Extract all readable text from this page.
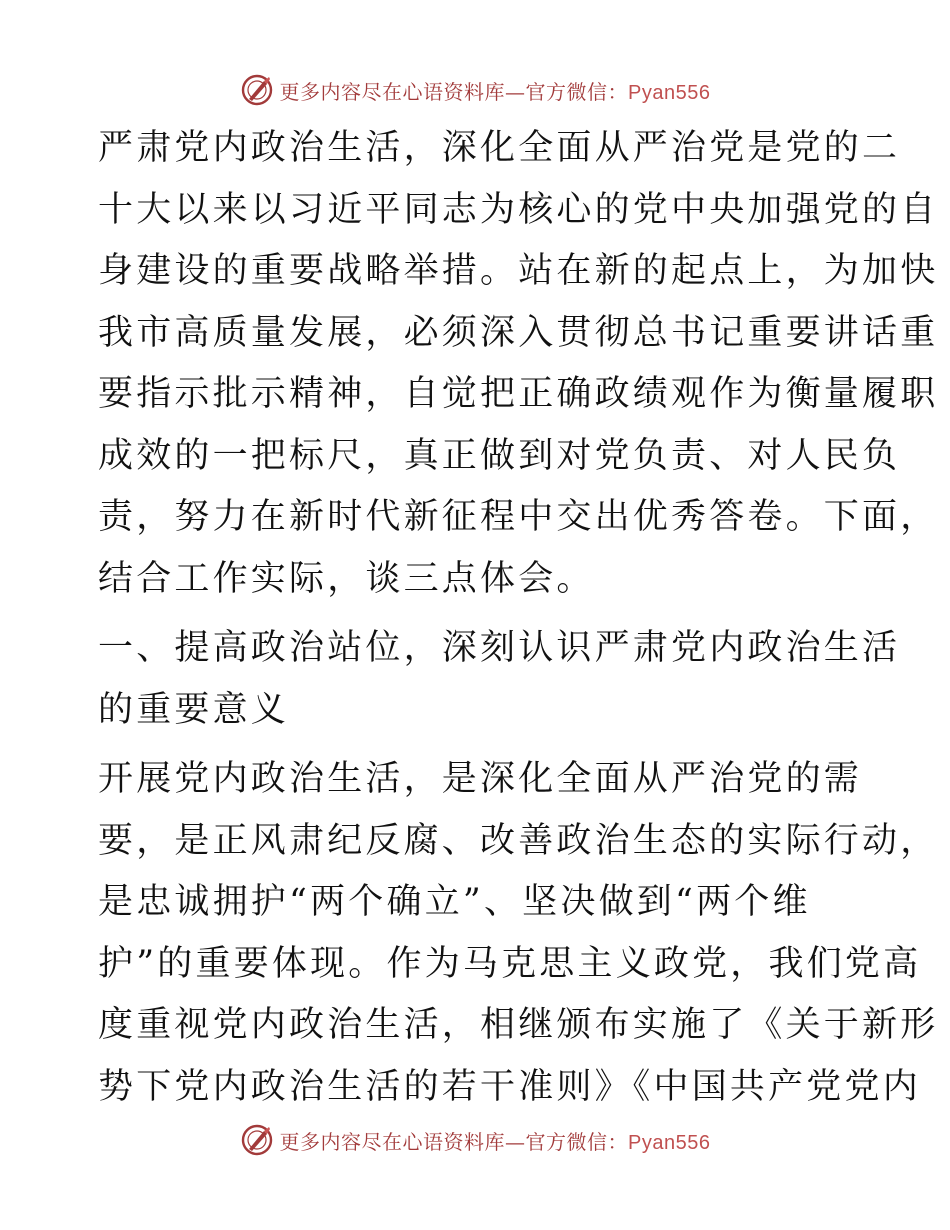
更多内容尽在心语资料库—官方微信：Pyan556
严肃党内政治生活，深化全面从严治党是党的二
十大以来以习近平同志为核心的党中央加强党的自
身建设的重要战略举措。站在新的起点上，为加快
我市高质量发展，必须深入贯彻总书记重要讲话重
要指示批示精神，自觉把正确政绩观作为衡量履职
成效的一把标尺，真正做到对党负责、对人民负
责，努力在新时代新征程中交出优秀答卷。下面，
结合工作实际，谈三点体会。
一、提高政治站位，深刻认识严肃党内政治生活
的重要意义
开展党内政治生活，是深化全面从严治党的需
要，是正风肃纪反腐、改善政治生态的实际行动，
是忠诚拥护“两个确立”、坚决做到“两个维
护”的重要体现。作为马克思主义政党，我们党高
度重视党内政治生活，相继颁布实施了《关于新形
势下党内政治生活的若干准则》《中国共产党党内
更多内容尽在心语资料库—官方微信：Pyan556
